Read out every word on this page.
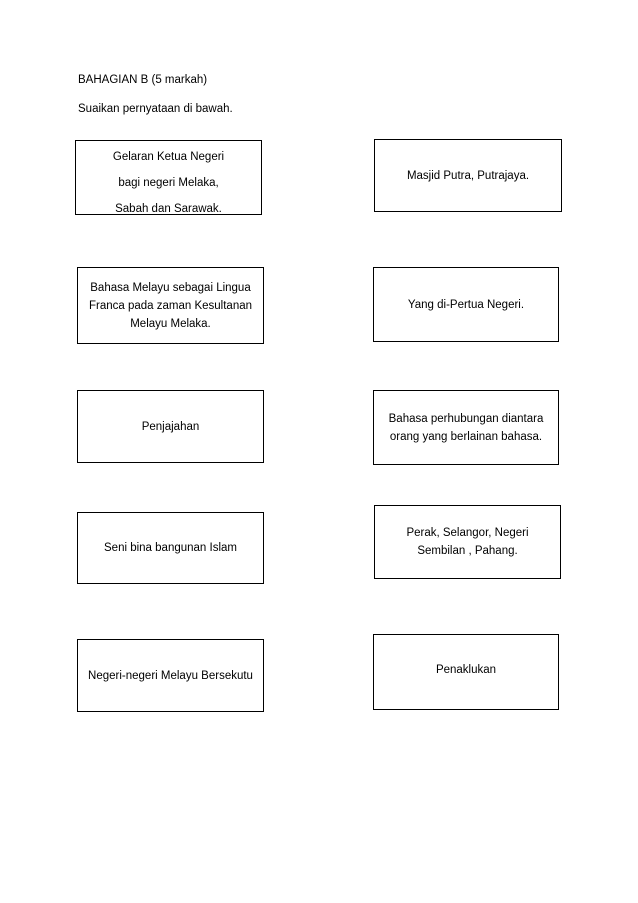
BAHAGIAN B (5 markah)
Suaikan pernyataan di bawah.
Gelaran Ketua Negeri
bagi negeri Melaka,
Sabah dan Sarawak.
Bahasa Melayu sebagai Lingua
Franca pada zaman Kesultanan
Melayu Melaka.
Penjajahan
Seni bina bangunan Islam
Negeri-negeri Melayu Bersekutu
Masjid Putra, Putrajaya.
Yang di-Pertua Negeri.
Bahasa perhubungan diantara
orang yang berlainan bahasa.
Perak, Selangor, Negeri
Sembilan , Pahang.
Penaklukan
